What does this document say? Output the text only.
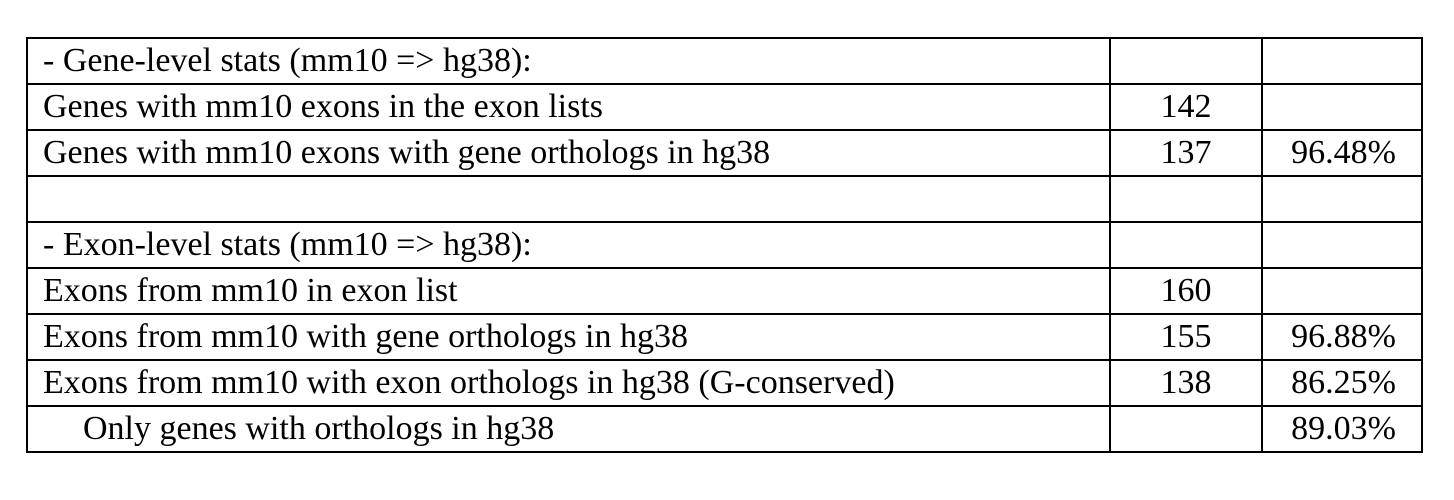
- Gene-level stats (mm10 => hg38):		
Genes with mm10 exons in the exon lists	142	
Genes with mm10 exons with gene orthologs in hg38	137	96.48%

- Exon-level stats (mm10 => hg38):		
Exons from mm10 in exon list	160	
Exons from mm10 with gene orthologs in hg38	155	96.88%
Exons from mm10 with exon orthologs in hg38 (G-conserved)	138	86.25%
Only genes with orthologs in hg38		89.03%
